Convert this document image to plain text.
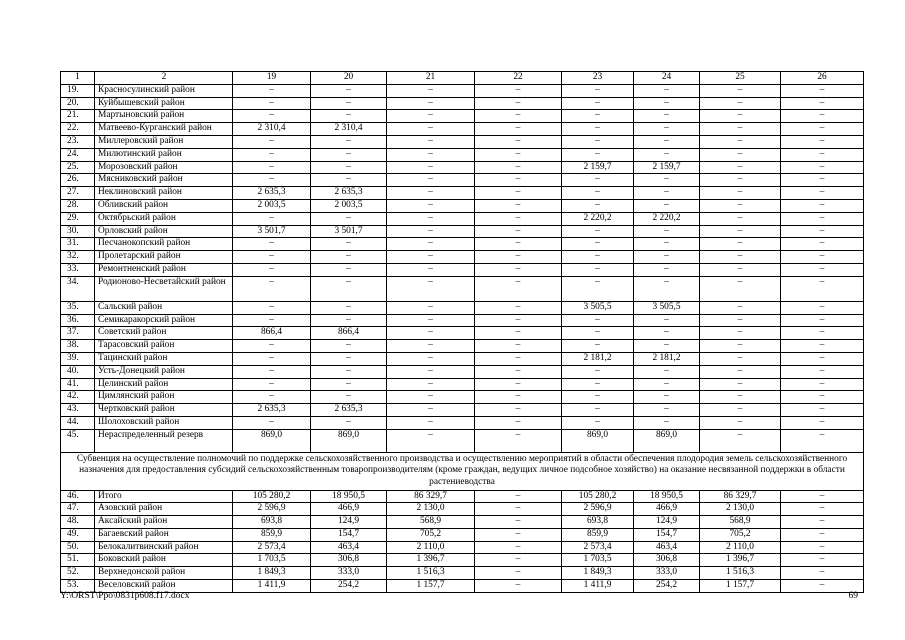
1	2	19	20	21	22	23	24	25	26
19.	Красносулинский район	–	–	–	–	–	–	–	–
20.	Куйбышевский район	–	–	–	–	–	–	–	–
21.	Мартыновский район	–	–	–	–	–	–	–	–
22.	Матвеево-Курганский район	2 310,4	2 310,4	–	–	–	–	–	–
23.	Миллеровский район	–	–	–	–	–	–	–	–
24.	Милютинский район	–	–	–	–	–	–	–	–
25.	Морозовский район	–	–	–	–	2 159,7	2 159,7	–	–
26.	Мясниковский район	–	–	–	–	–	–	–	–
27.	Неклиновский район	2 635,3	2 635,3	–	–	–	–	–	–
28.	Обливский район	2 003,5	2 003,5	–	–	–	–	–	–
29.	Октябрьский район	–	–	–	–	2 220,2	2 220,2	–	–
30.	Орловский район	3 501,7	3 501,7	–	–	–	–	–	–
31.	Песчанокопский район	–	–	–	–	–	–	–	–
32.	Пролетарский район	–	–	–	–	–	–	–	–
33.	Ремонтненский район	–	–	–	–	–	–	–	–
34.	Родионово-Несветайский район	–	–	–	–	–	–	–	–
35.	Сальский район	–	–	–	–	3 505,5	3 505,5	–	–
36.	Семикаракорский район	–	–	–	–	–	–	–	–
37.	Советский район	866,4	866,4	–	–	–	–	–	–
38.	Тарасовский район	–	–	–	–	–	–	–	–
39.	Тацинский район	–	–	–	–	2 181,2	2 181,2	–	–
40.	Усть-Донецкий район	–	–	–	–	–	–	–	–
41.	Целинский район	–	–	–	–	–	–	–	–
42.	Цимлянский район	–	–	–	–	–	–	–	–
43.	Чертковский район	2 635,3	2 635,3	–	–	–	–	–	–
44.	Шолоховский район	–	–	–	–	–	–	–	–
45.	Нераспределенный резерв	869,0	869,0	–	–	869,0	869,0	–	–
Субвенция на осуществление полномочий по поддержке сельскохозяйственного производства и осуществлению мероприятий в области обеспечения плодородия земель сельскохозяйственного назначения для предоставления субсидий сельскохозяйственным товаропроизводителям (кроме граждан, ведущих личное подсобное хозяйство) на оказание несвязанной поддержки в области растениеводства									
46.	Итого	105 280,2	18 950,5	86 329,7	–	105 280,2	18 950,5	86 329,7	–
47.	Азовский район	2 596,9	466,9	2 130,0	–	2 596,9	466,9	2 130,0	–
48.	Аксайский район	693,8	124,9	568,9	–	693,8	124,9	568,9	–
49.	Багаевский район	859,9	154,7	705,2	–	859,9	154,7	705,2	–
50.	Белокалитвинский район	2 573,4	463,4	2 110,0	–	2 573,4	463,4	2 110,0	–
51.	Боковский район	1 703,5	306,8	1 396,7	–	1 703,5	306,8	1 396,7	–
52.	Верхнедонской район	1 849,3	333,0	1 516,3	–	1 849,3	333,0	1 516,3	–
53.	Веселовский район	1 411,9	254,2	1 157,7	–	1 411,9	254,2	1 157,7	–
Y:\ORST\Ppo\0831p608.f17.docx	69
